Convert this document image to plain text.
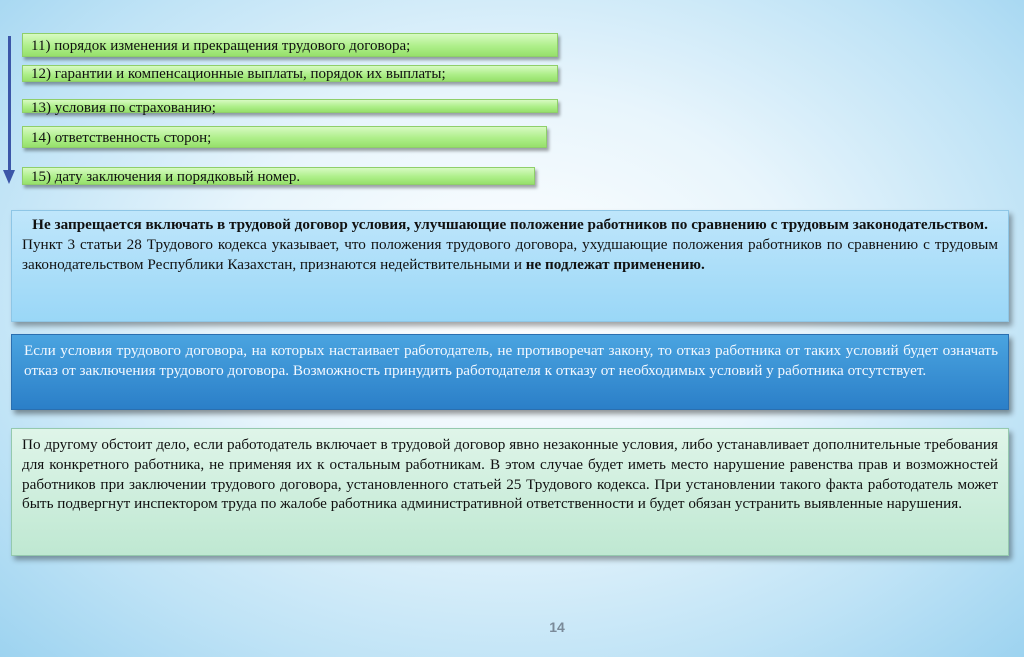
11) порядок изменения и прекращения трудового договора;
12) гарантии и компенсационные выплаты, порядок их выплаты;
13) условия по страхованию;
14) ответственность сторон;
15) дату заключения и порядковый номер.

Не запрещается включать в трудовой договор условия, улучшающие положение работников по сравнению с трудовым законодательством.

Пункт 3 статьи 28 Трудового кодекса указывает, что положения трудового договора, ухудшающие положения работников по сравнению с трудовым законодательством Республики Казахстан, признаются недействительными и не подлежат применению.

Если условия трудового договора, на которых настаивает работодатель, не противоречат закону, то отказ работника от таких условий будет означать отказ от заключения трудового договора. Возможность принудить работодателя к отказу от необходимых условий у работника отсутствует.

По другому обстоит дело, если работодатель включает в трудовой договор явно незаконные условия, либо устанавливает дополнительные требования для конкретного работника, не применяя их к остальным работникам. В этом случае будет иметь место нарушение равенства прав и возможностей работников при заключении трудового договора, установленного статьей 25 Трудового кодекса. При установлении такого факта работодатель может быть подвергнут инспектором труда по жалобе работника административной ответственности и будет обязан устранить выявленные нарушения.

14
